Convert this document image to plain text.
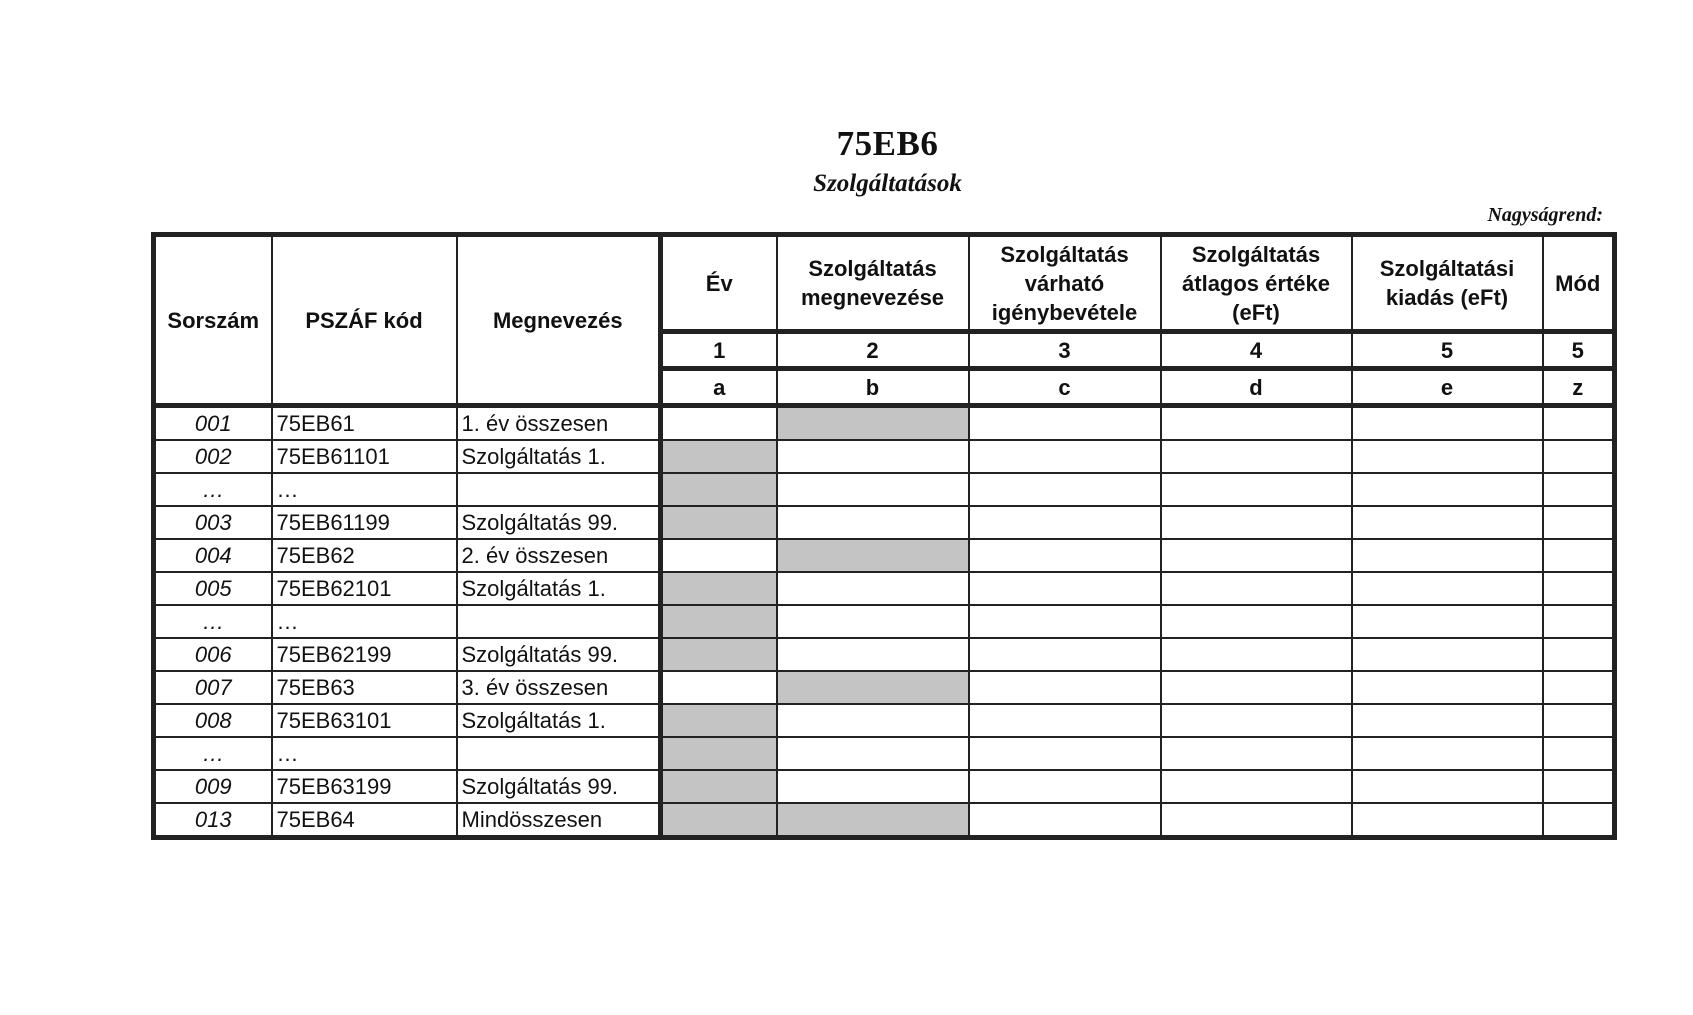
75EB6
Szolgáltatások
Nagyságrend:
Sorszám	PSZÁF kód	Megnevezés	Év	Szolgáltatás megnevezése	Szolgáltatás várható igénybevétele	Szolgáltatás átlagos értéke (eFt)	Szolgáltatási kiadás (eFt)	Mód
			1	2	3	4	5	5
			a	b	c	d	e	z
001	75EB61	1. év összesen						
002	75EB61101	Szolgáltatás 1.						
…	…							
003	75EB61199	Szolgáltatás 99.						
004	75EB62	2. év összesen						
005	75EB62101	Szolgáltatás 1.						
…	…							
006	75EB62199	Szolgáltatás 99.						
007	75EB63	3. év összesen						
008	75EB63101	Szolgáltatás 1.						
…	…							
009	75EB63199	Szolgáltatás 99.						
013	75EB64	Mindösszesen						
